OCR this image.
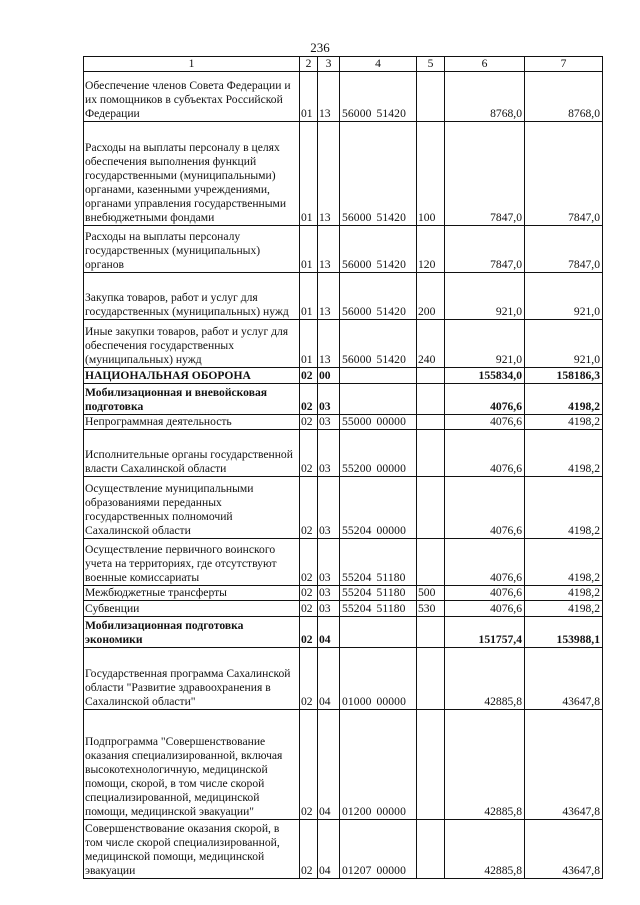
236
1	2	3	4	5	6	7
Обеспечение членов Совета Федерации и их помощников в субъектах Российской Федерации	01	13	56000 51420		8768,0	8768,0
Расходы на выплаты персоналу в целях обеспечения выполнения функций государственными (муниципальными) органами, казенными учреждениями, органами управления государственными внебюджетными фондами	01	13	56000 51420	100	7847,0	7847,0
Расходы на выплаты персоналу государственных (муниципальных) органов	01	13	56000 51420	120	7847,0	7847,0
Закупка товаров, работ и услуг для государственных (муниципальных) нужд	01	13	56000 51420	200	921,0	921,0
Иные закупки товаров, работ и услуг для обеспечения государственных (муниципальных) нужд	01	13	56000 51420	240	921,0	921,0
НАЦИОНАЛЬНАЯ ОБОРОНА	02	00			155834,0	158186,3
Мобилизационная и вневойсковая подготовка	02	03			4076,6	4198,2
Непрограммная деятельность	02	03	55000 00000		4076,6	4198,2
Исполнительные органы государственной власти Сахалинской области	02	03	55200 00000		4076,6	4198,2
Осуществление муниципальными образованиями переданных государственных полномочий Сахалинской области	02	03	55204 00000		4076,6	4198,2
Осуществление первичного воинского учета на территориях, где отсутствуют военные комиссариаты	02	03	55204 51180		4076,6	4198,2
Межбюджетные трансферты	02	03	55204 51180	500	4076,6	4198,2
Субвенции	02	03	55204 51180	530	4076,6	4198,2
Мобилизационная подготовка экономики	02	04			151757,4	153988,1
Государственная программа Сахалинской области "Развитие здравоохранения в Сахалинской области"	02	04	01000 00000		42885,8	43647,8
Подпрограмма "Совершенствование оказания специализированной, включая высокотехнологичную, медицинской помощи, скорой, в том числе скорой специализированной, медицинской помощи, медицинской эвакуации"	02	04	01200 00000		42885,8	43647,8
Совершенствование оказания скорой, в том числе скорой специализированной, медицинской помощи, медицинской эвакуации	02	04	01207 00000		42885,8	43647,8
